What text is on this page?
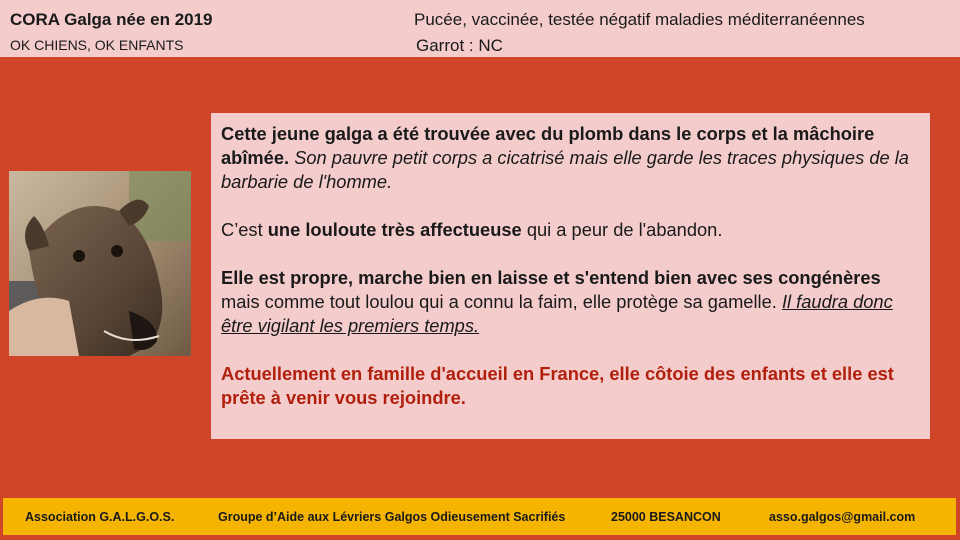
CORA Galga née en 2019
OK CHIENS, OK ENFANTS
Pucée, vaccinée, testée négatif maladies méditerranéennes
Garrot : NC

Cette jeune galga a été trouvée avec du plomb dans le corps et la mâchoire abîmée. Son pauvre petit corps a cicatrisé mais elle garde les traces physiques de la barbarie de l'homme.

C’est une louloute très affectueuse qui a peur de l'abandon.

Elle est propre, marche bien en laisse et s'entend bien avec ses congénères mais comme tout loulou qui a connu la faim, elle protège sa gamelle. Il faudra donc être vigilant les premiers temps.

Actuellement en famille d'accueil en France, elle côtoie des enfants et elle est prête à venir vous rejoindre.

Association G.A.L.G.O.S.	Groupe d’Aide aux Lévriers Galgos Odieusement Sacrifiés	25000 BESANCON	asso.galgos@gmail.com
